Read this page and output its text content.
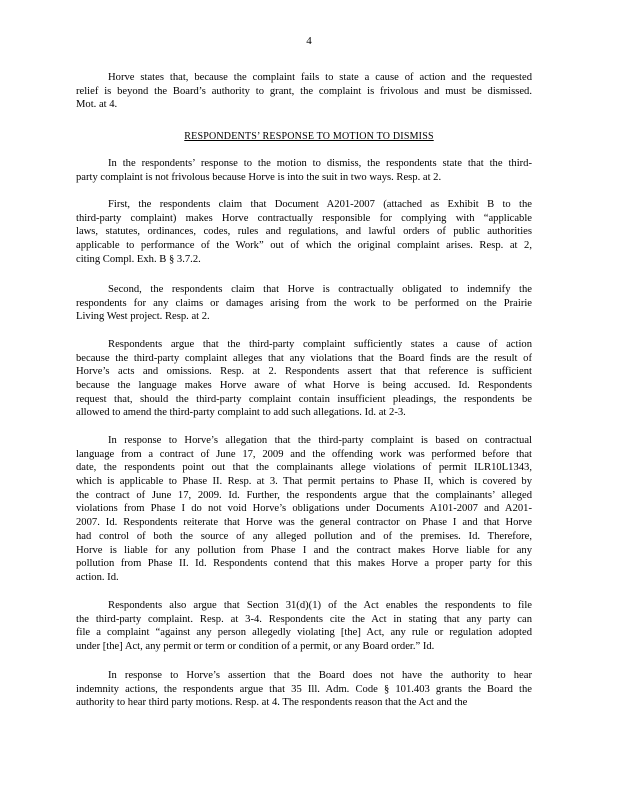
4
Horve states that, because the complaint fails to state a cause of action and the requested
relief is beyond the Board’s authority to grant, the complaint is frivolous and must be dismissed.
Mot. at 4.
RESPONDENTS’ RESPONSE TO MOTION TO DISMISS
In the respondents’ response to the motion to dismiss, the respondents state that the third-
party complaint is not frivolous because Horve is into the suit in two ways. Resp. at 2.
First, the respondents claim that Document A201-2007 (attached as Exhibit B to the
third-party complaint) makes Horve contractually responsible for complying with “applicable
laws, statutes, ordinances, codes, rules and regulations, and lawful orders of public authorities
applicable to performance of the Work” out of which the original complaint arises. Resp. at 2,
citing Compl. Exh. B § 3.7.2.
Second, the respondents claim that Horve is contractually obligated to indemnify the
respondents for any claims or damages arising from the work to be performed on the Prairie
Living West project. Resp. at 2.
Respondents argue that the third-party complaint sufficiently states a cause of action
because the third-party complaint alleges that any violations that the Board finds are the result of
Horve’s acts and omissions. Resp. at 2. Respondents assert that that reference is sufficient
because the language makes Horve aware of what Horve is being accused. Id. Respondents
request that, should the third-party complaint contain insufficient pleadings, the respondents be
allowed to amend the third-party complaint to add such allegations. Id. at 2-3.
In response to Horve’s allegation that the third-party complaint is based on contractual
language from a contract of June 17, 2009 and the offending work was performed before that
date, the respondents point out that the complainants allege violations of permit ILR10L1343,
which is applicable to Phase II. Resp. at 3. That permit pertains to Phase II, which is covered by
the contract of June 17, 2009. Id. Further, the respondents argue that the complainants’ alleged
violations from Phase I do not void Horve’s obligations under Documents A101-2007 and A201-
2007. Id. Respondents reiterate that Horve was the general contractor on Phase I and that Horve
had control of both the source of any alleged pollution and of the premises. Id. Therefore,
Horve is liable for any pollution from Phase I and the contract makes Horve liable for any
pollution from Phase II. Id. Respondents contend that this makes Horve a proper party for this
action. Id.
Respondents also argue that Section 31(d)(1) of the Act enables the respondents to file
the third-party complaint. Resp. at 3-4. Respondents cite the Act in stating that any party can
file a complaint “against any person allegedly violating [the] Act, any rule or regulation adopted
under [the] Act, any permit or term or condition of a permit, or any Board order.” Id.
In response to Horve’s assertion that the Board does not have the authority to hear
indemnity actions, the respondents argue that 35 Ill. Adm. Code § 101.403 grants the Board the
authority to hear third party motions. Resp. at 4. The respondents reason that the Act and the
